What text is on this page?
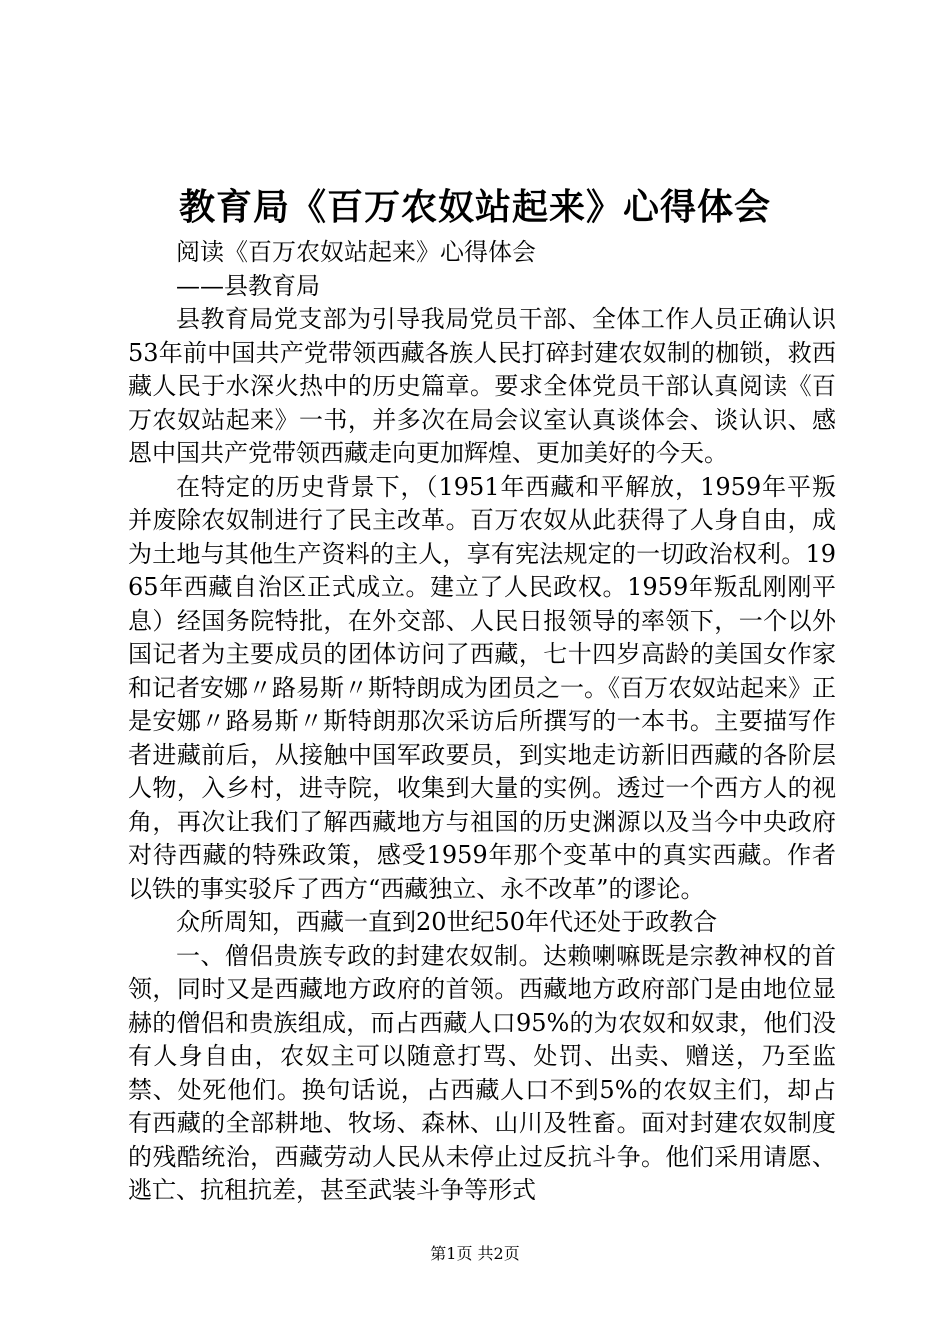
教育局《百万农奴站起来》心得体会

阅读《百万农奴站起来》心得体会

——县教育局

县教育局党支部为引导我局党员干部、全体工作人员正确认识53年前中国共产党带领西藏各族人民打碎封建农奴制的枷锁，救西藏人民于水深火热中的历史篇章。要求全体党员干部认真阅读《百万农奴站起来》一书，并多次在局会议室认真谈体会、谈认识、感恩中国共产党带领西藏走向更加辉煌、更加美好的今天。

在特定的历史背景下，（1951年西藏和平解放，1959年平叛并废除农奴制进行了民主改革。百万农奴从此获得了人身自由，成为土地与其他生产资料的主人，享有宪法规定的一切政治权利。1965年西藏自治区正式成立。建立了人民政权。1959年叛乱刚刚平息）经国务院特批，在外交部、人民日报领导的率领下，一个以外国记者为主要成员的团体访问了西藏，七十四岁高龄的美国女作家和记者安娜〃路易斯〃斯特朗成为团员之一。《百万农奴站起来》正是安娜〃路易斯〃斯特朗那次采访后所撰写的一本书。主要描写作者进藏前后，从接触中国军政要员，到实地走访新旧西藏的各阶层人物，入乡村，进寺院，收集到大量的实例。透过一个西方人的视角，再次让我们了解西藏地方与祖国的历史渊源以及当今中央政府对待西藏的特殊政策，感受1959年那个变革中的真实西藏。作者以铁的事实驳斥了西方“西藏独立、永不改革”的谬论。

众所周知，西藏一直到20世纪50年代还处于政教合

一、僧侣贵族专政的封建农奴制。达赖喇嘛既是宗教神权的首领，同时又是西藏地方政府的首领。西藏地方政府部门是由地位显赫的僧侣和贵族组成，而占西藏人口95%的为农奴和奴隶，他们没有人身自由，农奴主可以随意打骂、处罚、出卖、赠送，乃至监禁、处死他们。换句话说，占西藏人口不到5%的农奴主们，却占有西藏的全部耕地、牧场、森林、山川及牲畜。面对封建农奴制度的残酷统治，西藏劳动人民从未停止过反抗斗争。他们采用请愿、逃亡、抗租抗差，甚至武装斗争等形式

第1页 共2页
